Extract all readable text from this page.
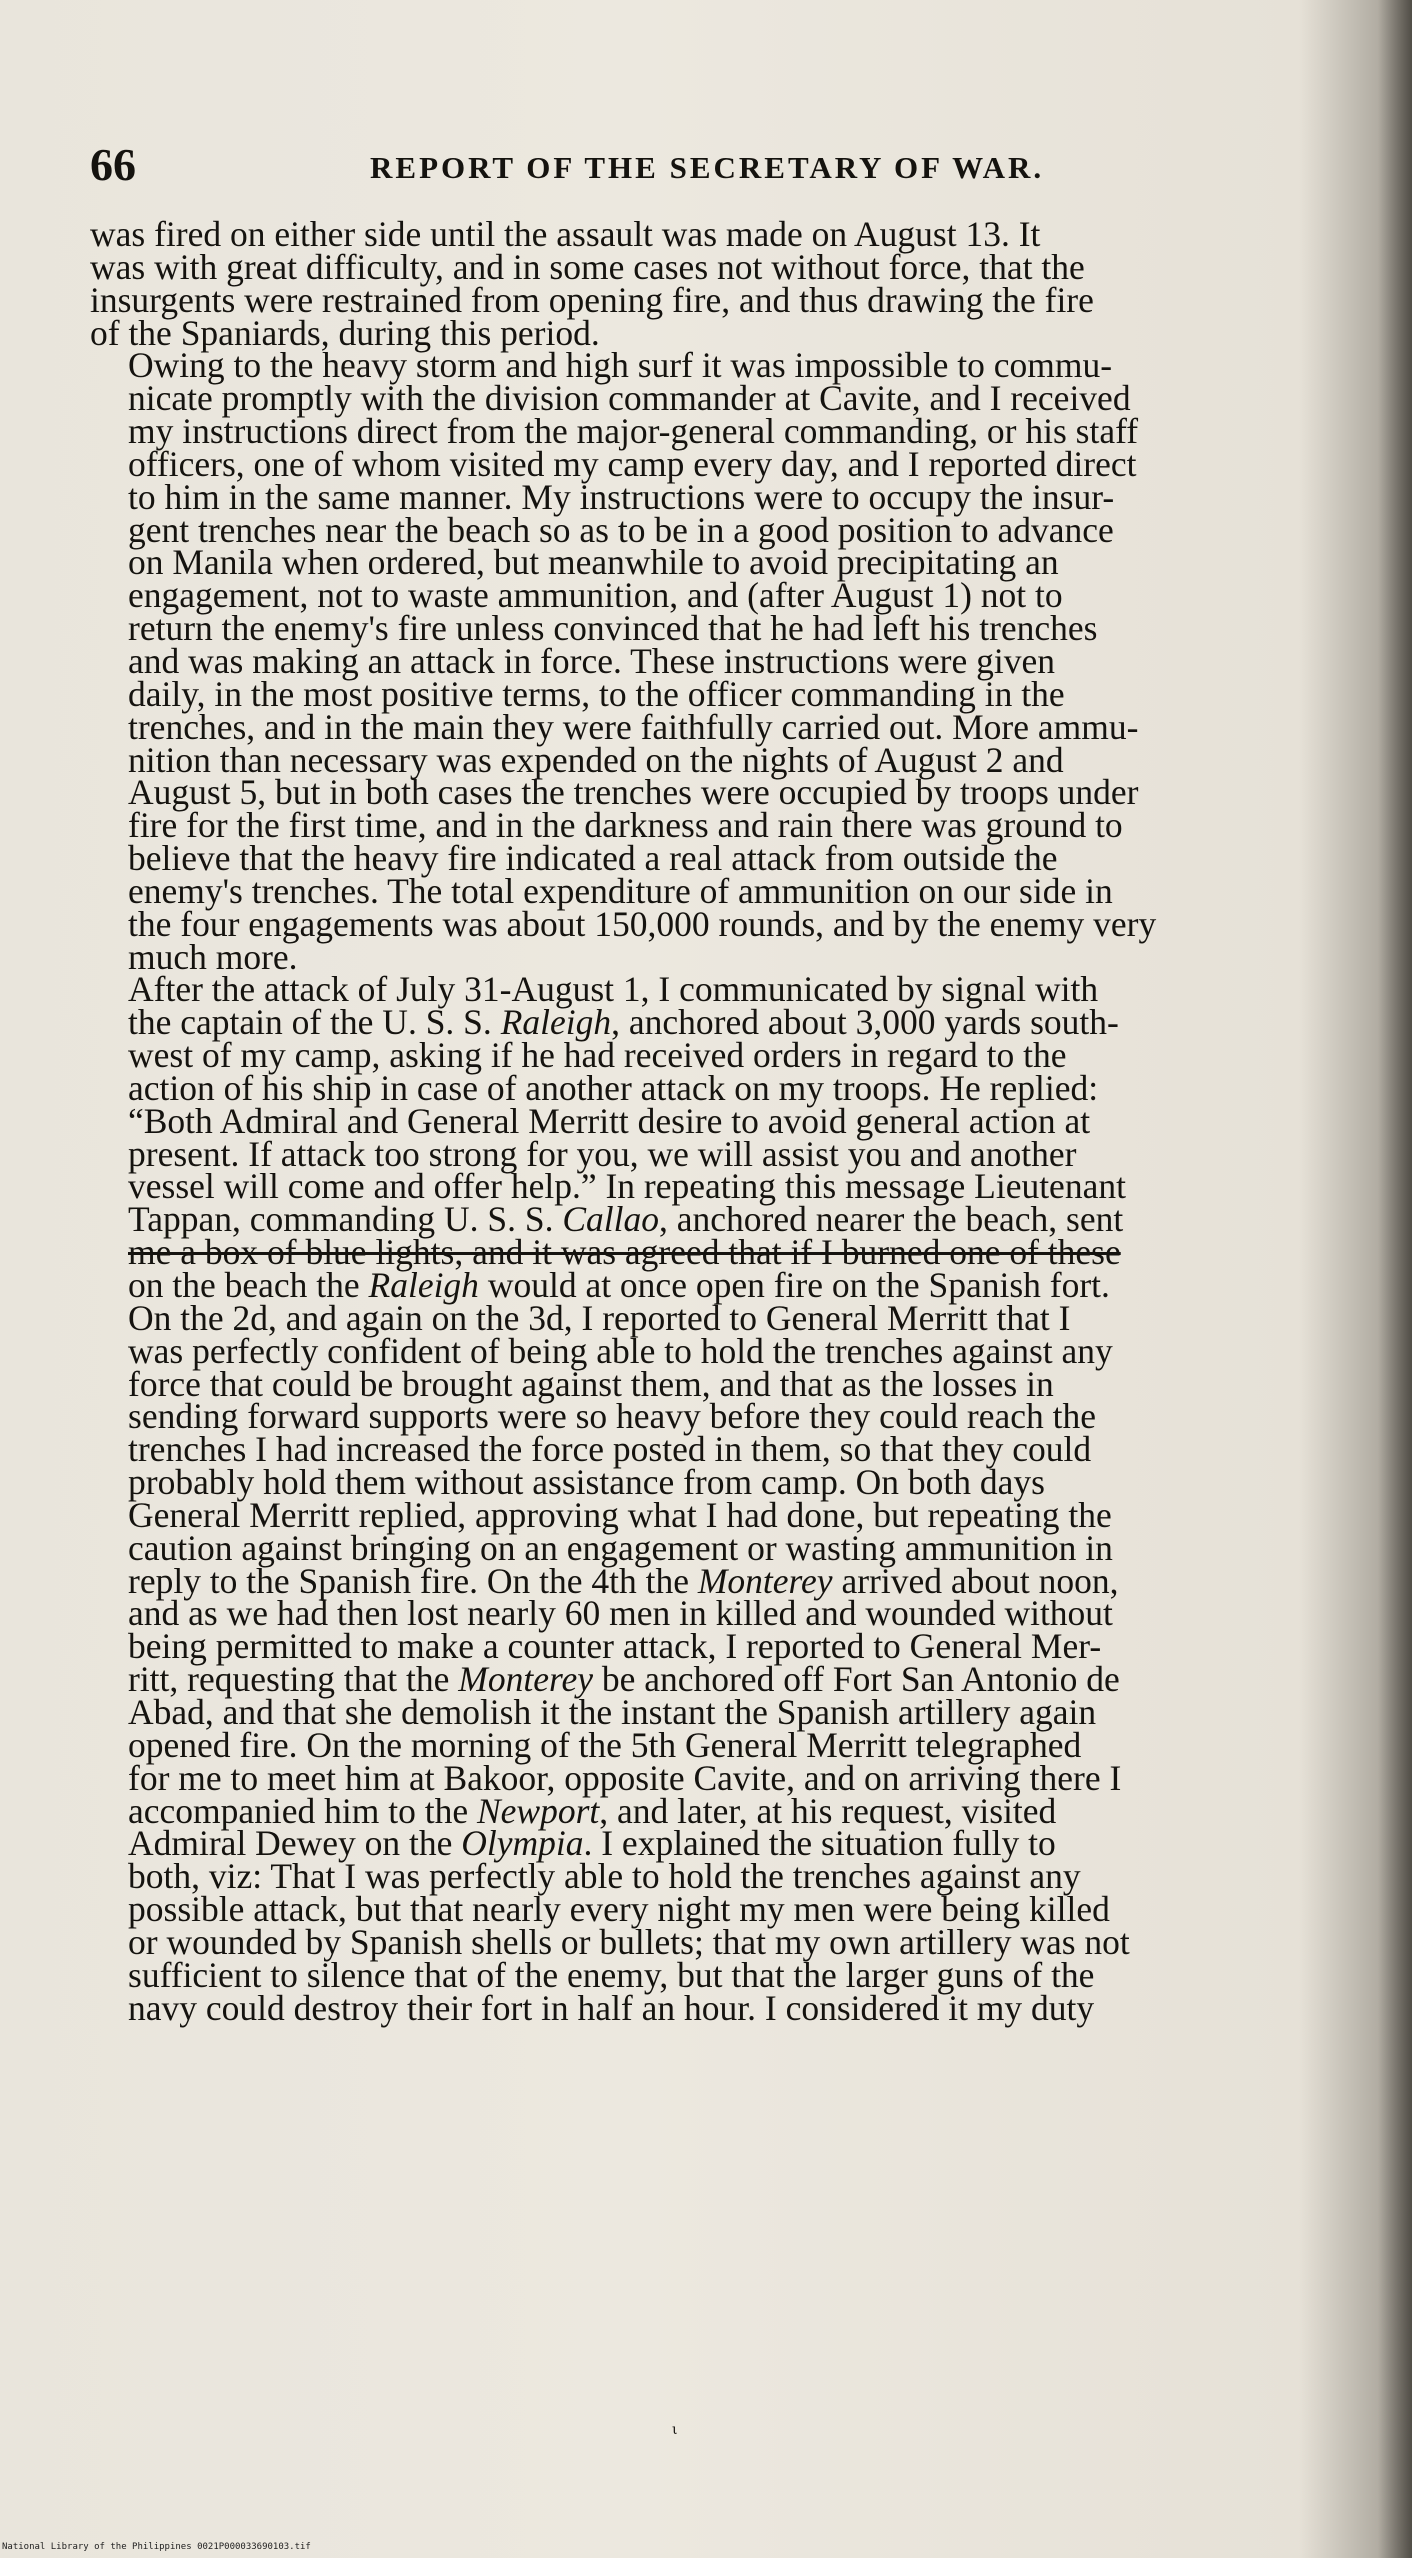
66	REPORT OF THE SECRETARY OF WAR.

was fired on either side until the assault was made on August 13. It
was with great difficulty, and in some cases not without force, that the
insurgents were restrained from opening fire, and thus drawing the fire
of the Spaniards, during this period.

Owing to the heavy storm and high surf it was impossible to commu-
nicate promptly with the division commander at Cavite, and I received
my instructions direct from the major-general commanding, or his staff
officers, one of whom visited my camp every day, and I reported direct
to him in the same manner. My instructions were to occupy the insur-
gent trenches near the beach so as to be in a good position to advance
on Manila when ordered, but meanwhile to avoid precipitating an
engagement, not to waste ammunition, and (after August 1) not to
return the enemy's fire unless convinced that he had left his trenches
and was making an attack in force. These instructions were given
daily, in the most positive terms, to the officer commanding in the
trenches, and in the main they were faithfully carried out. More ammu-
nition than necessary was expended on the nights of August 2 and
August 5, but in both cases the trenches were occupied by troops under
fire for the first time, and in the darkness and rain there was ground to
believe that the heavy fire indicated a real attack from outside the
enemy's trenches. The total expenditure of ammunition on our side in
the four engagements was about 150,000 rounds, and by the enemy very
much more.

After the attack of July 31-August 1, I communicated by signal with
the captain of the U. S. S. Raleigh, anchored about 3,000 yards south-
west of my camp, asking if he had received orders in regard to the
action of his ship in case of another attack on my troops. He replied:
“Both Admiral and General Merritt desire to avoid general action at
present. If attack too strong for you, we will assist you and another
vessel will come and offer help.” In repeating this message Lieutenant
Tappan, commanding U. S. S. Callao, anchored nearer the beach, sent
me a box of blue lights, and it was agreed that if I burned one of these
on the beach the Raleigh would at once open fire on the Spanish fort.

On the 2d, and again on the 3d, I reported to General Merritt that I
was perfectly confident of being able to hold the trenches against any
force that could be brought against them, and that as the losses in
sending forward supports were so heavy before they could reach the
trenches I had increased the force posted in them, so that they could
probably hold them without assistance from camp. On both days
General Merritt replied, approving what I had done, but repeating the
caution against bringing on an engagement or wasting ammunition in
reply to the Spanish fire. On the 4th the Monterey arrived about noon,
and as we had then lost nearly 60 men in killed and wounded without
being permitted to make a counter attack, I reported to General Mer-
ritt, requesting that the Monterey be anchored off Fort San Antonio de
Abad, and that she demolish it the instant the Spanish artillery again
opened fire. On the morning of the 5th General Merritt telegraphed
for me to meet him at Bakoor, opposite Cavite, and on arriving there I
accompanied him to the Newport, and later, at his request, visited
Admiral Dewey on the Olympia. I explained the situation fully to
both, viz: That I was perfectly able to hold the trenches against any
possible attack, but that nearly every night my men were being killed
or wounded by Spanish shells or bullets; that my own artillery was not
sufficient to silence that of the enemy, but that the larger guns of the
navy could destroy their fort in half an hour. I considered it my duty

ι
National Library of the Philippines 0021P000033690103.tif
